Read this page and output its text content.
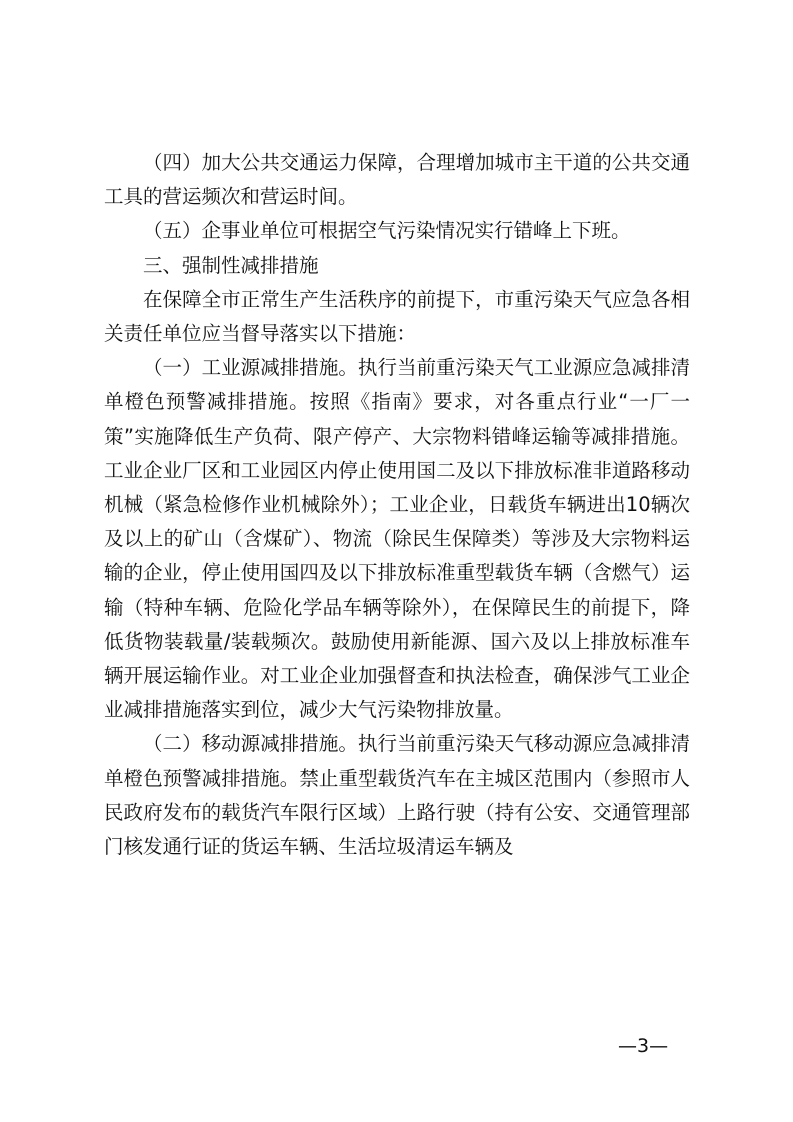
（四）加大公共交通运力保障，合理增加城市主干道的公共交通工具的营运频次和营运时间。

（五）企事业单位可根据空气污染情况实行错峰上下班。

三、强制性减排措施

在保障全市正常生产生活秩序的前提下，市重污染天气应急各相关责任单位应当督导落实以下措施：

（一）工业源减排措施。执行当前重污染天气工业源应急减排清单橙色预警减排措施。按照《指南》要求，对各重点行业“一厂一策”实施降低生产负荷、限产停产、大宗物料错峰运输等减排措施。工业企业厂区和工业园区内停止使用国二及以下排放标准非道路移动机械（紧急检修作业机械除外）；工业企业，日载货车辆进出10辆次及以上的矿山（含煤矿）、物流（除民生保障类）等涉及大宗物料运输的企业，停止使用国四及以下排放标准重型载货车辆（含燃气）运输（特种车辆、危险化学品车辆等除外），在保障民生的前提下，降低货物装载量/装载频次。鼓励使用新能源、国六及以上排放标准车辆开展运输作业。对工业企业加强督查和执法检查，确保涉气工业企业减排措施落实到位，减少大气污染物排放量。

（二）移动源减排措施。执行当前重污染天气移动源应急减排清单橙色预警减排措施。禁止重型载货汽车在主城区范围内（参照市人民政府发布的载货汽车限行区域）上路行驶（持有公安、交通管理部门核发通行证的货运车辆、生活垃圾清运车辆及

—3—
